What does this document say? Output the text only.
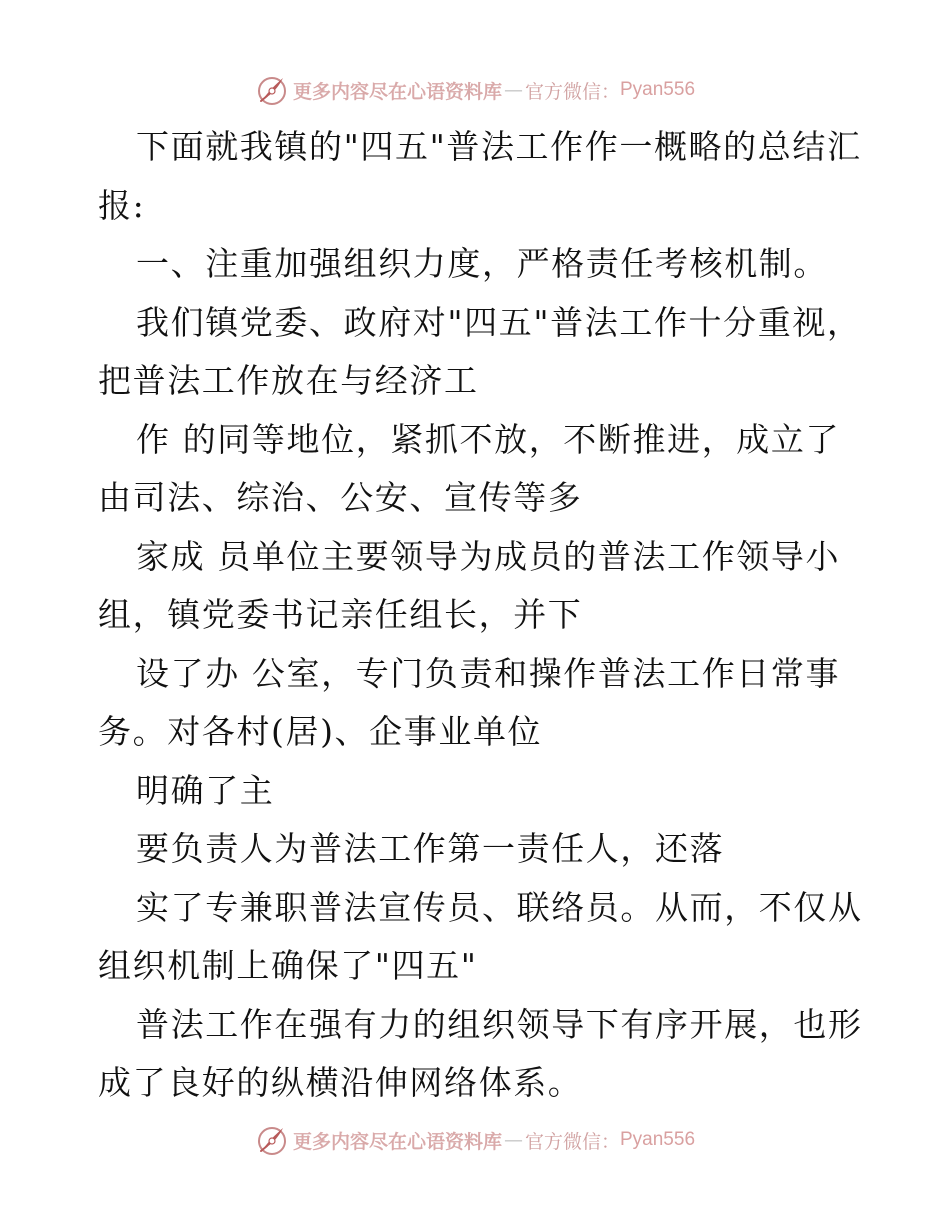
更多内容尽在心语资料库 — 官方微信： Pyan556

下面就我镇的"四五"普法工作作一概略的总结汇

报:

一、注重加强组织力度，严格责任考核机制。

我们镇党委、政府对"四五"普法工作十分重视，

把普法工作放在与经济工

作 的同等地位，紧抓不放，不断推进，成立了

由司法、综治、公安、宣传等多

家成 员单位主要领导为成员的普法工作领导小

组，镇党委书记亲任组长，并下

设了办 公室，专门负责和操作普法工作日常事

务。对各村(居)、企事业单位

明确了主

要负责人为普法工作第一责任人，还落

实了专兼职普法宣传员、联络员。从而，不仅从

组织机制上确保了"四五"

普法工作在强有力的组织领导下有序开展，也形

成了良好的纵横沿伸网络体系。

更多内容尽在心语资料库 — 官方微信： Pyan556
